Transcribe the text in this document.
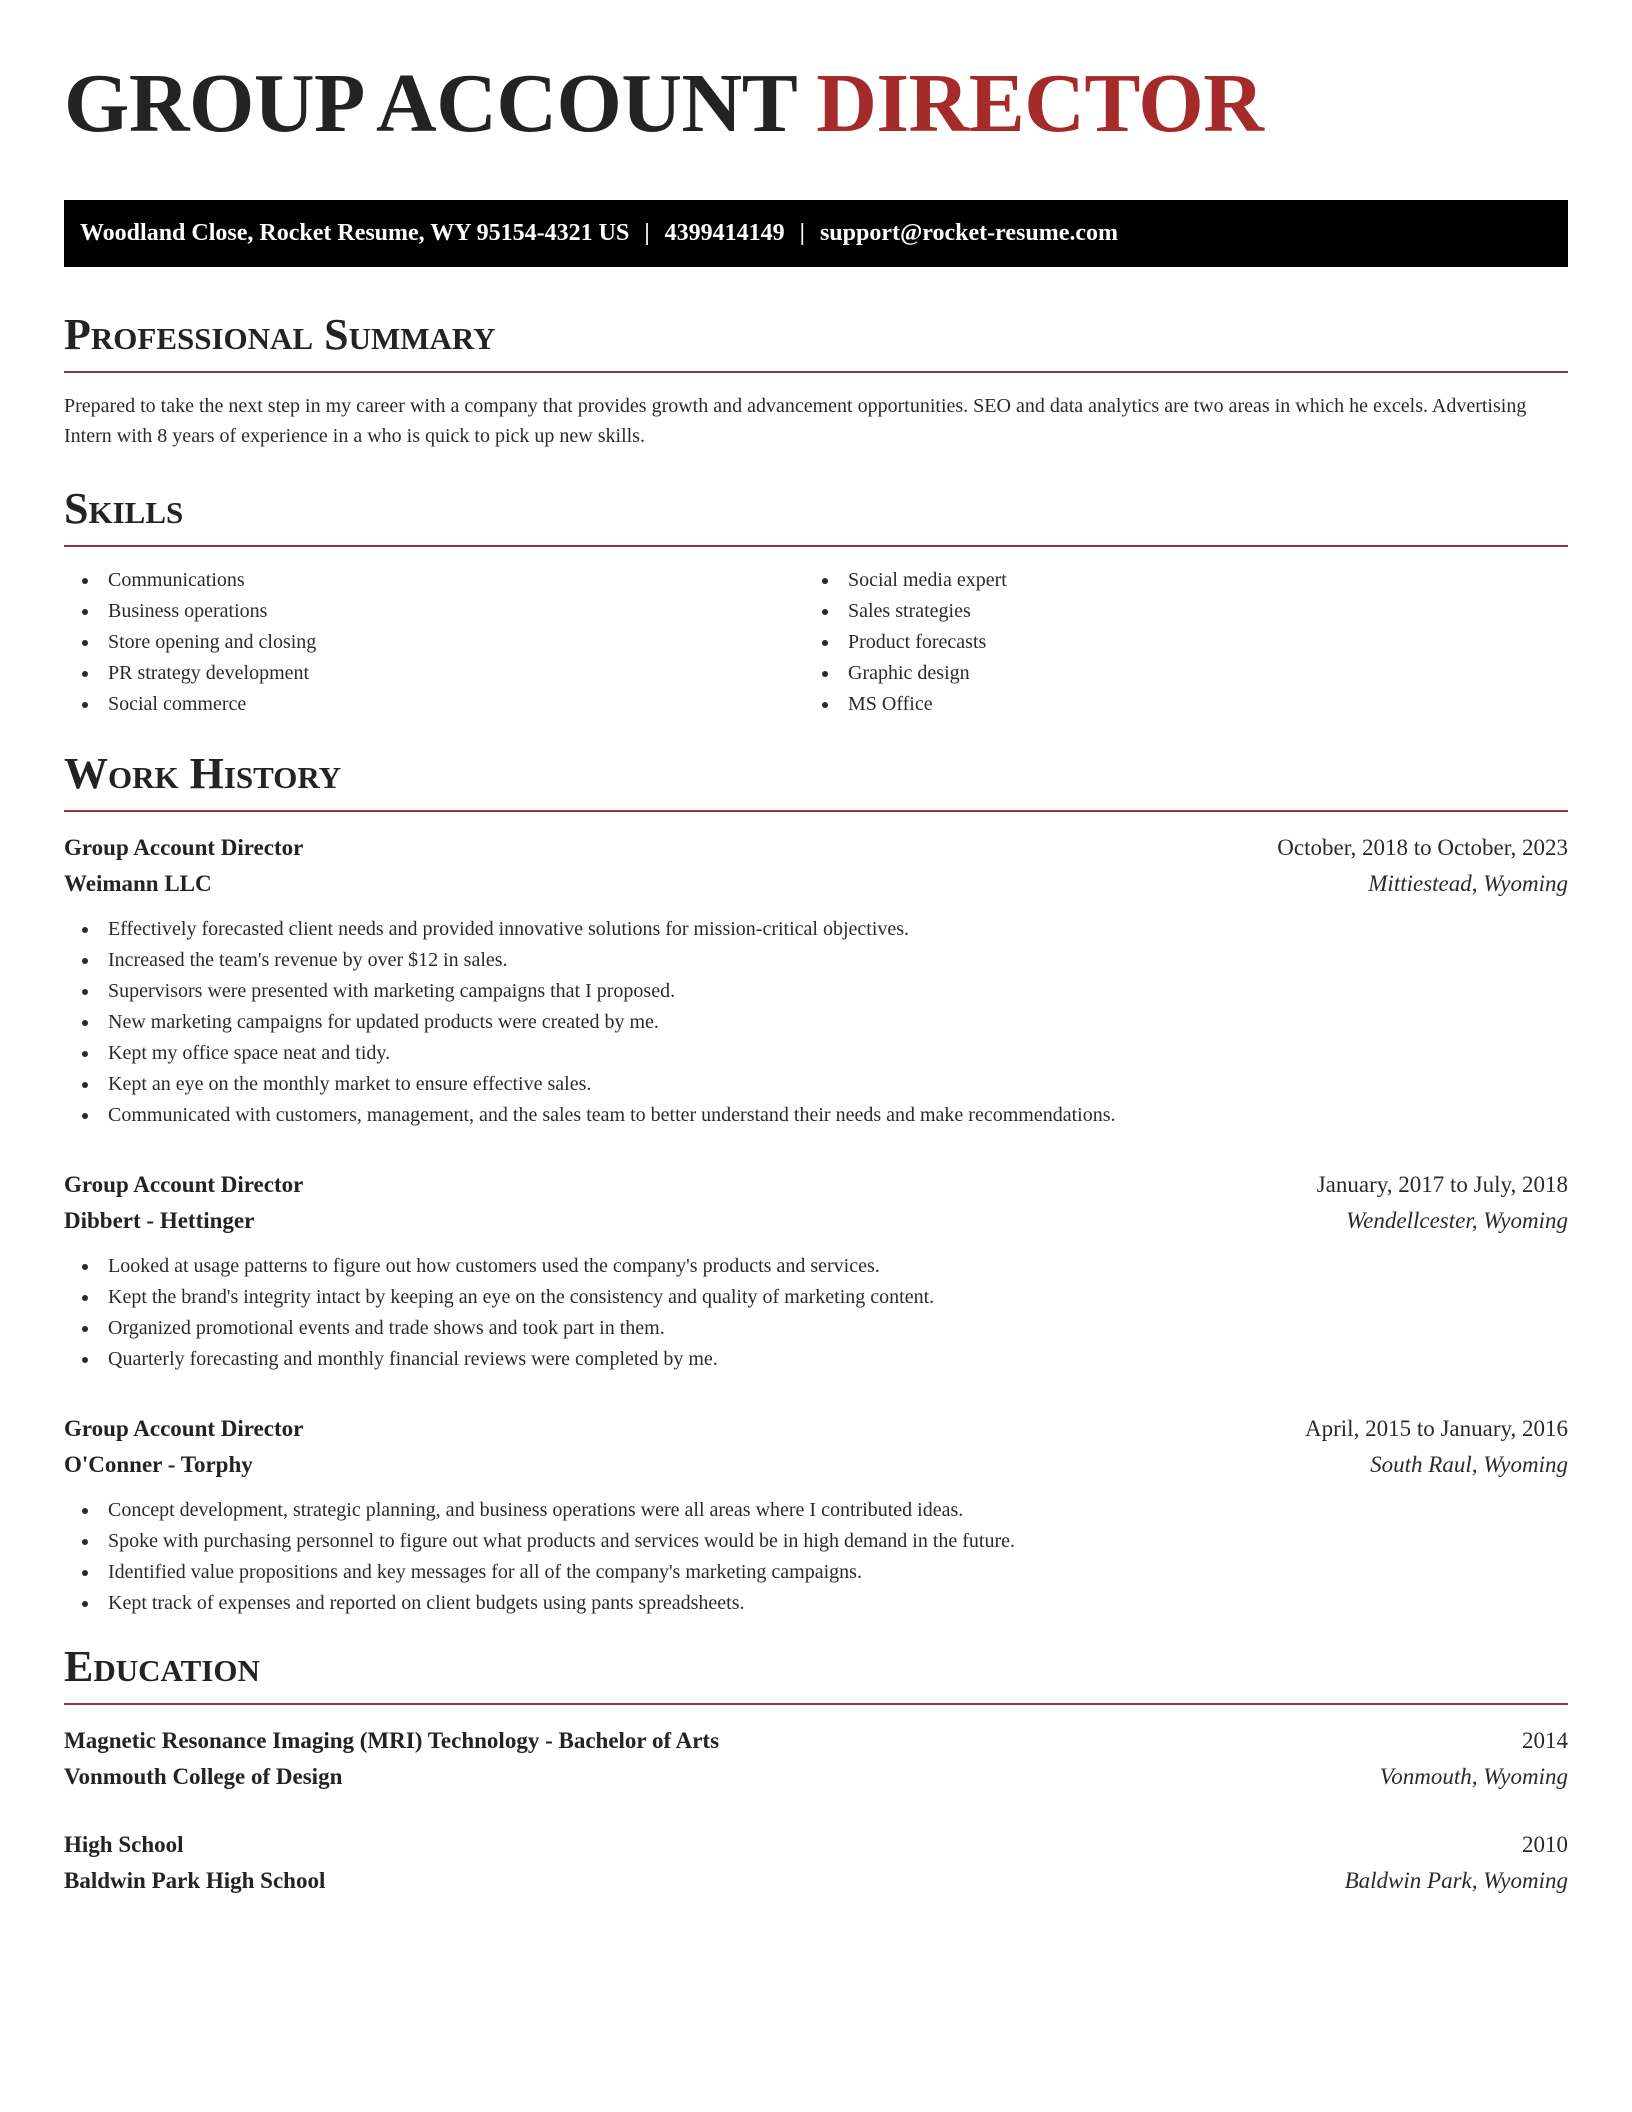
GROUP ACCOUNT DIRECTOR
Woodland Close, Rocket Resume, WY 95154-4321 US | 4399414149 | support@rocket-resume.com
Professional Summary

Prepared to take the next step in my career with a company that provides growth and advancement opportunities. SEO and data analytics are two areas in which he excels. Advertising Intern with 8 years of experience in a who is quick to pick up new skills.

Skills
Communications
Business operations
Store opening and closing
PR strategy development
Social commerce
Social media expert
Sales strategies
Product forecasts
Graphic design
MS Office
Work History
Group Account Director	October, 2018 to October, 2023
Weimann LLC	Mittiestead, Wyoming
Effectively forecasted client needs and provided innovative solutions for mission-critical objectives.
Increased the team's revenue by over $12 in sales.
Supervisors were presented with marketing campaigns that I proposed.
New marketing campaigns for updated products were created by me.
Kept my office space neat and tidy.
Kept an eye on the monthly market to ensure effective sales.
Communicated with customers, management, and the sales team to better understand their needs and make recommendations.
Group Account Director	January, 2017 to July, 2018
Dibbert - Hettinger	Wendellcester, Wyoming
Looked at usage patterns to figure out how customers used the company's products and services.
Kept the brand's integrity intact by keeping an eye on the consistency and quality of marketing content.
Organized promotional events and trade shows and took part in them.
Quarterly forecasting and monthly financial reviews were completed by me.
Group Account Director	April, 2015 to January, 2016
O'Conner - Torphy	South Raul, Wyoming
Concept development, strategic planning, and business operations were all areas where I contributed ideas.
Spoke with purchasing personnel to figure out what products and services would be in high demand in the future.
Identified value propositions and key messages for all of the company's marketing campaigns.
Kept track of expenses and reported on client budgets using pants spreadsheets.
Education
Magnetic Resonance Imaging (MRI) Technology - Bachelor of Arts	2014
Vonmouth College of Design	Vonmouth, Wyoming
High School	2010
Baldwin Park High School	Baldwin Park, Wyoming
